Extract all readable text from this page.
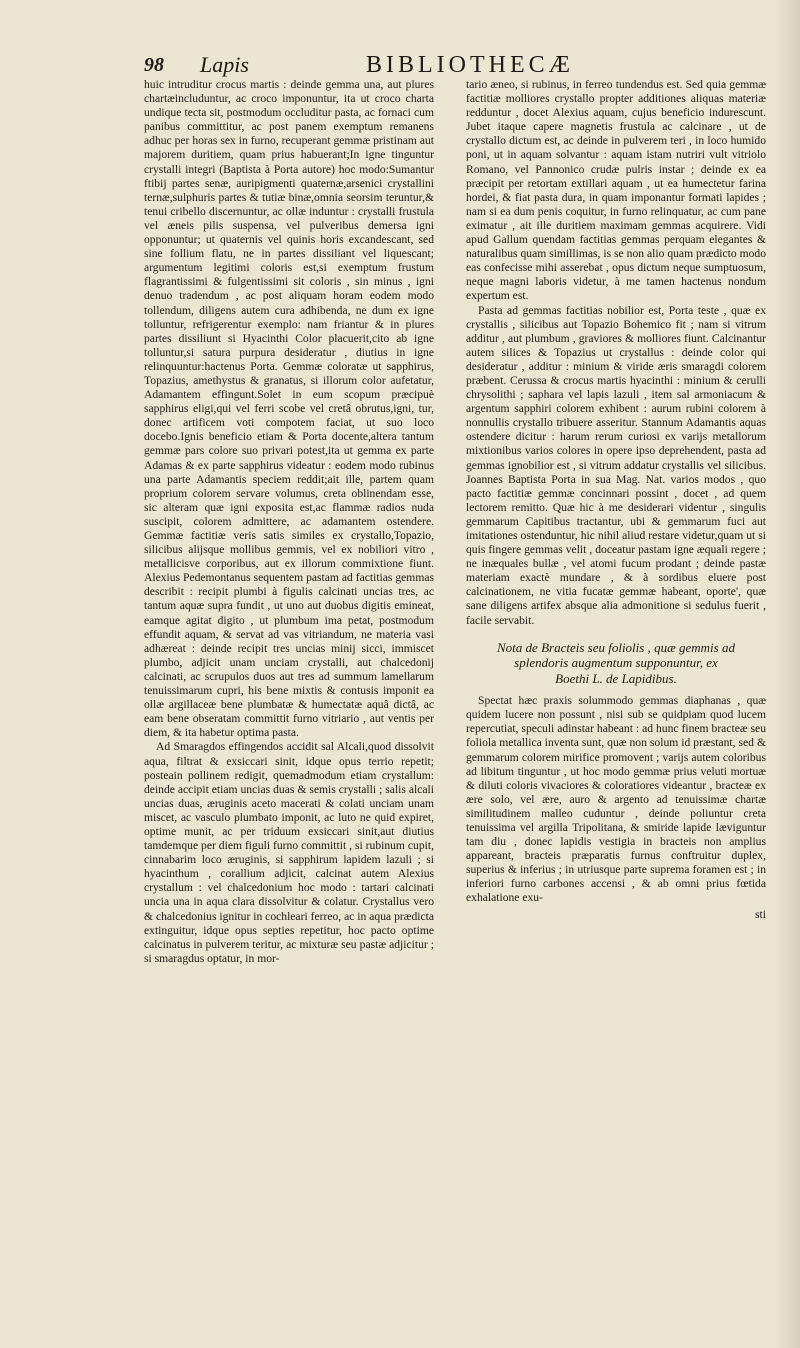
98 Lapis	BIBLIOTHECÆ

huic intruditur crocus martis : deinde gemma una, aut plures chartæincluduntur, ac croco imponuntur, ita ut croco charta undique tecta sit, postmodum occluditur pasta, ac fornaci cum panibus committitur, ac post panem exemptum remanens adhuc per horas sex in furno, recuperant gemmæ pristinam aut majorem duritiem, quam prius habuerant;In igne tinguntur crystalli integri (Baptista à Porta autore) hoc modo:Sumantur ftibij partes senæ, auripigmenti quaternæ,arsenici crystallini ternæ,sulphuris partes & tutiæ binæ,omnia seorsim teruntur,& tenui cribello discernuntur, ac ollæ induntur : crystalli frustula vel æneis pilis suspensa, vel pulveribus demersa igni opponuntur; ut quaternis vel quinis horis excandescant, sed sine follium flatu, ne in partes dissiliant vel liquescant; argumentum legitimi coloris est,si exemptum frustum flagrantissimi & fulgentissimi sit coloris , sin minus , igni denuo tradendum , ac post aliquam horam eodem modo tollendum, diligens autem cura adhibenda, ne dum ex igne tolluntur, refrigerentur exemplo: nam friantur & in plures partes dissiliunt si Hyacinthi Color placuerit,cito ab igne tolluntur,si satura purpura desideratur , diutius in igne relinquuntur:hactenus Porta. Gemmæ coloratæ ut sapphirus, Topazius, amethystus & granatus, si illorum color aufetatur, Adamantem effingunt.Solet in eum scopum præcipuè sapphirus eligi,qui vel ferri scobe vel cretâ obrutus,igni, tur, donec artificem voti compotem faciat, ut suo loco docebo.Ignis beneficio etiam & Porta docente,altera tantum gemmæ pars colore suo privari potest,ita ut gemma ex parte Adamas & ex parte sapphirus videatur : eodem modo rubinus una parte Adamantis speciem reddit;ait ille, partem quam proprium colorem servare volumus, creta oblinendam esse, sic alteram quæ igni exposita est,ac flammæ radios nuda suscipit, colorem admittere, ac adamantem ostendere. Gemmæ factitiæ veris satis similes ex crystallo,Topazio, silicibus alijsque mollibus gemmis, vel ex nobiliori vitro , metallicisve corporibus, aut ex illorum commixtione fiunt. Alexius Pedemontanus sequentem pastam ad factitias gemmas describit : recipit plumbi à figulis calcinati uncias tres, ac tantum aquæ supra fundit , ut uno aut duobus digitis emineat, eamque agitat digito , ut plumbum ima petat, postmodum effundit aquam, & servat ad vas vitriandum, ne materia vasi adhæreat : deinde recipit tres uncias minij sicci, immiscet plumbo, adjicit unam unciam crystalli, aut chalcedonij calcinati, ac scrupulos duos aut tres ad summum lamellarum tenuissimarum cupri, his bene mixtis & contusis imponit ea ollæ argillaceæ bene plumbatæ & humectatæ aquâ dictâ, ac eam bene obseratam committit furno vitriario , aut ventis per diem, & ita habetur optima pasta.

Ad Smaragdos effingendos accidit sal Alcali,quod dissolvit aqua, filtrat & exsiccari sinit, idque opus terrio repetit; posteain pollinem redigit, quemadmodum etiam crystallum: deinde accipit etiam uncias duas & semis crystalli ; salis alcali uncias duas, æruginis aceto macerati & colati unciam unam miscet, ac vasculo plumbato imponit, ac luto ne quid expiret, optime munit, ac per triduum exsiccari sinit,aut diutius tamdemque per diem figuli furno committit , si rubinum cupit, cinnabarim loco æruginis, si sapphirum lapidem lazuli ; si hyacinthum , corallium adjicit, calcinat autem Alexius crystallum : vel chalcedonium hoc modo : tartari calcinati uncia una in aqua clara dissolvitur & colatur. Crystallus vero & chalcedonius ignitur in cochleari ferreo, ac in aqua prædicta extinguitur, idque opus septies repetitur, hoc pacto optime calcinatus in pulverem teritur, ac mixturæ seu pastæ adjicitur ; si smaragdus optatur, in mor-

tario æneo, si rubinus, in ferreo tundendus est. Sed quia gemmæ factitiæ molliores crystallo propter additiones aliquas materiæ redduntur , docet Alexius aquam, cujus beneficio indurescunt. Jubet itaque capere magnetis frustula ac calcinare , ut de crystallo dictum est, ac deinde in pulverem teri , in loco humido poni, ut in aquam solvantur : aquam istam nutriri vult vitriolo Romano, vel Pannonico crudæ pulris instar ; deinde ex ea præcipit per retortam extillari aquam , ut ea humectetur farina hordei, & fiat pasta dura, in quam imponantur formati lapides ; nam si ea dum penis coquitur, in furno relinquatur, ac cum pane eximatur , ait ille duritiem maximam gemmas acquirere. Vidi apud Gallum quendam factitias gemmas perquam elegantes & naturalibus quam simillimas, is se non alio quam prædicto modo eas confecisse mihi asserebat , opus dictum neque sumptuosum, neque magni laboris videtur, à me tamen hactenus nondum expertum est.

Pasta ad gemmas factitias nobilior est, Porta teste , quæ ex crystallis , silicibus aut Topazio Bohemico fit ; nam si vitrum additur , aut plumbum , graviores & molliores fiunt. Calcinantur autem silices & Topazius ut crystallus : deinde color qui desideratur , additur : minium & viride æris smaragdi colorem præbent. Cerussa & crocus martis hyacinthi : minium & cerulli chrysolithi ; saphara vel lapis lazuli , item sal armoniacum & argentum sapphiri colorem exhibent : aurum rubini colorem à nonnullis crystallo tribuere asseritur. Stannum Adamantis aquas ostendere dicitur : harum rerum curiosi ex varijs metallorum mixtionibus varios colores in opere ipso deprehendent, pasta ad gemmas ignobilior est , si vitrum addatur crystallis vel silicibus. Joannes Baptista Porta in sua Mag. Nat. varios modos , quo pacto factitiæ gemmæ concinnari possint , docet , ad quem lectorem remitto. Quæ hic à me desiderari videntur , singulis gemmarum Capitibus tractantur, ubi & gemmarum fuci aut imitationes ostenduntur, hic nihil aliud restare videtur,quam ut si quis fingere gemmas velit , doceatur pastam igne æquali regere ; ne inæquales bullæ , vel atomi fucum prodant ; deinde pastæ materiam exactè mundare , & à sordibus eluere post calcinationem, ne vitia fucatæ gemmæ habeant, oporte', quæ sane diligens artifex absque alia admonitione si sedulus fuerit , facile servabit.

Nota de Bracteis seu foliolis , quæ gemmis ad
splendoris augmentum supponuntur, ex
Boethi L. de Lapidibus.

Spectat hæc praxis solummodo gemmas diaphanas , quæ quidem lucere non possunt , nisi sub se quidpiam quod lucem repercutiat, speculi adinstar habeant : ad hunc finem bracteæ seu foliola metallica inventa sunt, quæ non solum id præstant, sed & gemmarum colorem mirifice promovent ; varijs autem coloribus ad libitum tinguntur , ut hoc modo gemmæ prius veluti mortuæ & diluti coloris vivaciores & coloratiores videantur , bracteæ ex ære solo, vel ære, auro & argento ad tenuissimæ chartæ similitudinem malleo cuduntur , deinde poliuntur creta tenuissima vel argilla Tripolitana, & smiride lapide læviguntur tam diu , donec lapidis vestigia in bracteis non amplius appareant, bracteis præparatis furnus conftruitur duplex, superius & inferius ; in utriusque parte suprema foramen est ; in inferiori furno carbones accensi , & ab omni prius fœtida exhalatione exu-

sti
